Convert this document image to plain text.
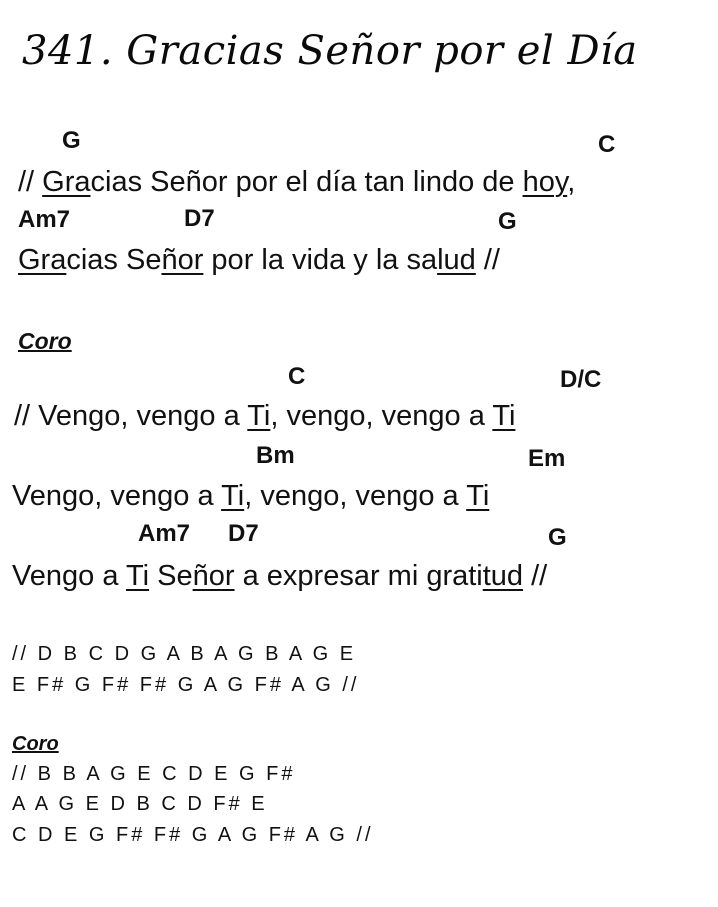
341. Gracias Señor por el Día
G	C
// Gracias Señor por el día tan lindo de hoy,
Am7	D7	G
Gracias Señor por la vida y la salud //
Coro
C	D/C
// Vengo, vengo a Ti, vengo, vengo a Ti
Bm	Em
Vengo, vengo a Ti, vengo, vengo a Ti
Am7 D7	G
Vengo a Ti Señor a expresar mi gratitud //
// D B C D G A B A G B A G E
E F# G F# F# G A G F# A G //
Coro
// B B A G E C D E G F#
A A G E D B C D F# E
C D E G F# F# G A G F# A G //
